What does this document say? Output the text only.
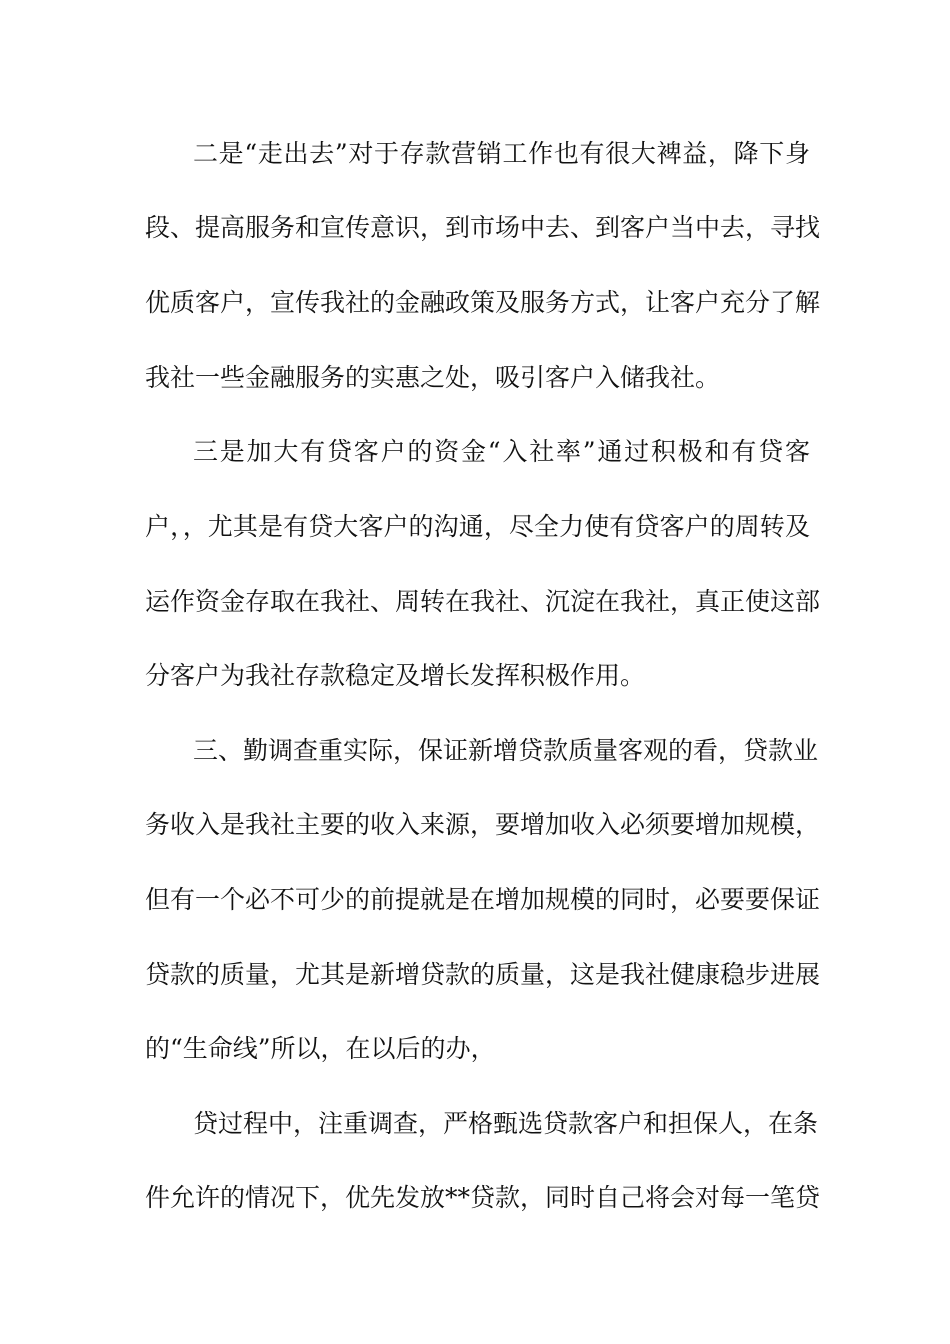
二是“走出去”对于存款营销工作也有很大裨益，降下身
段、提高服务和宣传意识，到市场中去、到客户当中去，寻找
优质客户，宣传我社的金融政策及服务方式，让客户充分了解
我社一些金融服务的实惠之处，吸引客户入储我社。
三是加大有贷客户的资金“入社率”通过积极和有贷客
户，，尤其是有贷大客户的沟通，尽全力使有贷客户的周转及
运作资金存取在我社、周转在我社、沉淀在我社，真正使这部
分客户为我社存款稳定及增长发挥积极作用。
三、勤调查重实际，保证新增贷款质量客观的看，贷款业
务收入是我社主要的收入来源，要增加收入必须要增加规模，
但有一个必不可少的前提就是在增加规模的同时，必要要保证
贷款的质量，尤其是新增贷款的质量，这是我社健康稳步进展
的“生命线”所以，在以后的办，
贷过程中，注重调查，严格甄选贷款客户和担保人，在条
件允许的情况下，优先发放**贷款，同时自己将会对每一笔贷
